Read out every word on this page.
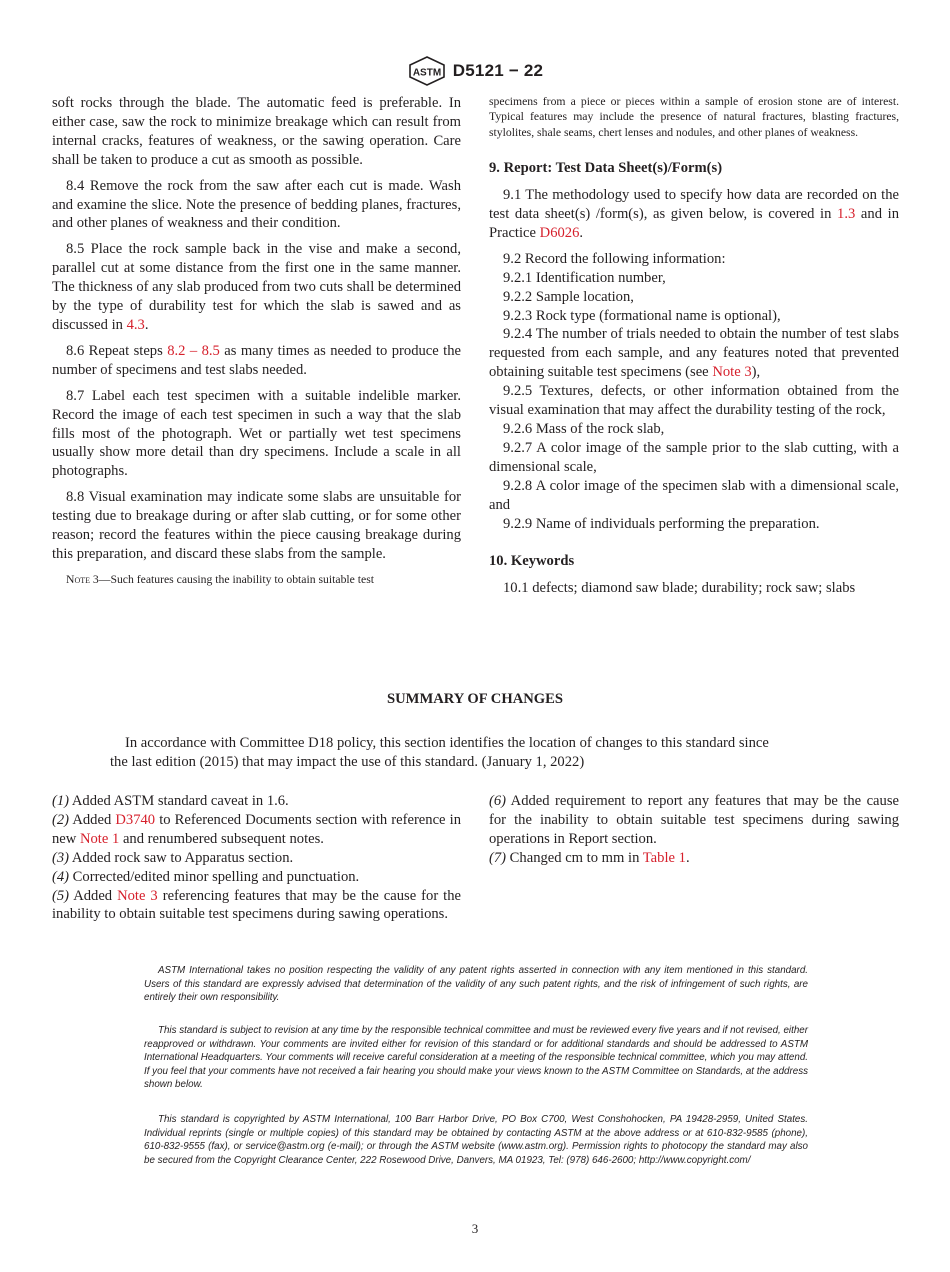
ASTM D5121 − 22

soft rocks through the blade. The automatic feed is preferable. In either case, saw the rock to minimize breakage which can result from internal cracks, features of weakness, or the sawing operation. Care shall be taken to produce a cut as smooth as possible.

8.4 Remove the rock from the saw after each cut is made. Wash and examine the slice. Note the presence of bedding planes, fractures, and other planes of weakness and their condition.

8.5 Place the rock sample back in the vise and make a second, parallel cut at some distance from the first one in the same manner. The thickness of any slab produced from two cuts shall be determined by the type of durability test for which the slab is sawed and as discussed in 4.3.

8.6 Repeat steps 8.2 – 8.5 as many times as needed to produce the number of specimens and test slabs needed.

8.7 Label each test specimen with a suitable indelible marker. Record the image of each test specimen in such a way that the slab fills most of the photograph. Wet or partially wet test specimens usually show more detail than dry specimens. Include a scale in all photographs.

8.8 Visual examination may indicate some slabs are unsuitable for testing due to breakage during or after slab cutting, or for some other reason; record the features within the piece causing breakage during this preparation, and discard these slabs from the sample.

Note 3—Such features causing the inability to obtain suitable test

specimens from a piece or pieces within a sample of erosion stone are of interest. Typical features may include the presence of natural fractures, blasting fractures, stylolites, shale seams, chert lenses and nodules, and other planes of weakness.

9. Report: Test Data Sheet(s)/Form(s)

9.1 The methodology used to specify how data are recorded on the test data sheet(s) /form(s), as given below, is covered in 1.3 and in Practice D6026.

9.2 Record the following information:

9.2.1 Identification number,

9.2.2 Sample location,

9.2.3 Rock type (formational name is optional),

9.2.4 The number of trials needed to obtain the number of test slabs requested from each sample, and any features noted that prevented obtaining suitable test specimens (see Note 3),

9.2.5 Textures, defects, or other information obtained from the visual examination that may affect the durability testing of the rock,

9.2.6 Mass of the rock slab,

9.2.7 A color image of the sample prior to the slab cutting, with a dimensional scale,

9.2.8 A color image of the specimen slab with a dimensional scale, and

9.2.9 Name of individuals performing the preparation.

10. Keywords

10.1 defects; diamond saw blade; durability; rock saw; slabs

SUMMARY OF CHANGES
In accordance with Committee D18 policy, this section identifies the location of changes to this standard since
the last edition (2015) that may impact the use of this standard. (January 1, 2022)

(1) Added ASTM standard caveat in 1.6.

(2) Added D3740 to Referenced Documents section with reference in new Note 1 and renumbered subsequent notes.

(3) Added rock saw to Apparatus section.

(4) Corrected/edited minor spelling and punctuation.

(5) Added Note 3 referencing features that may be the cause for the inability to obtain suitable test specimens during sawing operations.

(6) Added requirement to report any features that may be the cause for the inability to obtain suitable test specimens during sawing operations in Report section.

(7) Changed cm to mm in Table 1.

ASTM International takes no position respecting the validity of any patent rights asserted in connection with any item mentioned in this standard. Users of this standard are expressly advised that determination of the validity of any such patent rights, and the risk of infringement of such rights, are entirely their own responsibility.

This standard is subject to revision at any time by the responsible technical committee and must be reviewed every five years and if not revised, either reapproved or withdrawn. Your comments are invited either for revision of this standard or for additional standards and should be addressed to ASTM International Headquarters. Your comments will receive careful consideration at a meeting of the responsible technical committee, which you may attend. If you feel that your comments have not received a fair hearing you should make your views known to the ASTM Committee on Standards, at the address shown below.

This standard is copyrighted by ASTM International, 100 Barr Harbor Drive, PO Box C700, West Conshohocken, PA 19428-2959, United States. Individual reprints (single or multiple copies) of this standard may be obtained by contacting ASTM at the above address or at 610-832-9585 (phone), 610-832-9555 (fax), or service@astm.org (e-mail); or through the ASTM website (www.astm.org). Permission rights to photocopy the standard may also be secured from the Copyright Clearance Center, 222 Rosewood Drive, Danvers, MA 01923, Tel: (978) 646-2600; http://www.copyright.com/

3
